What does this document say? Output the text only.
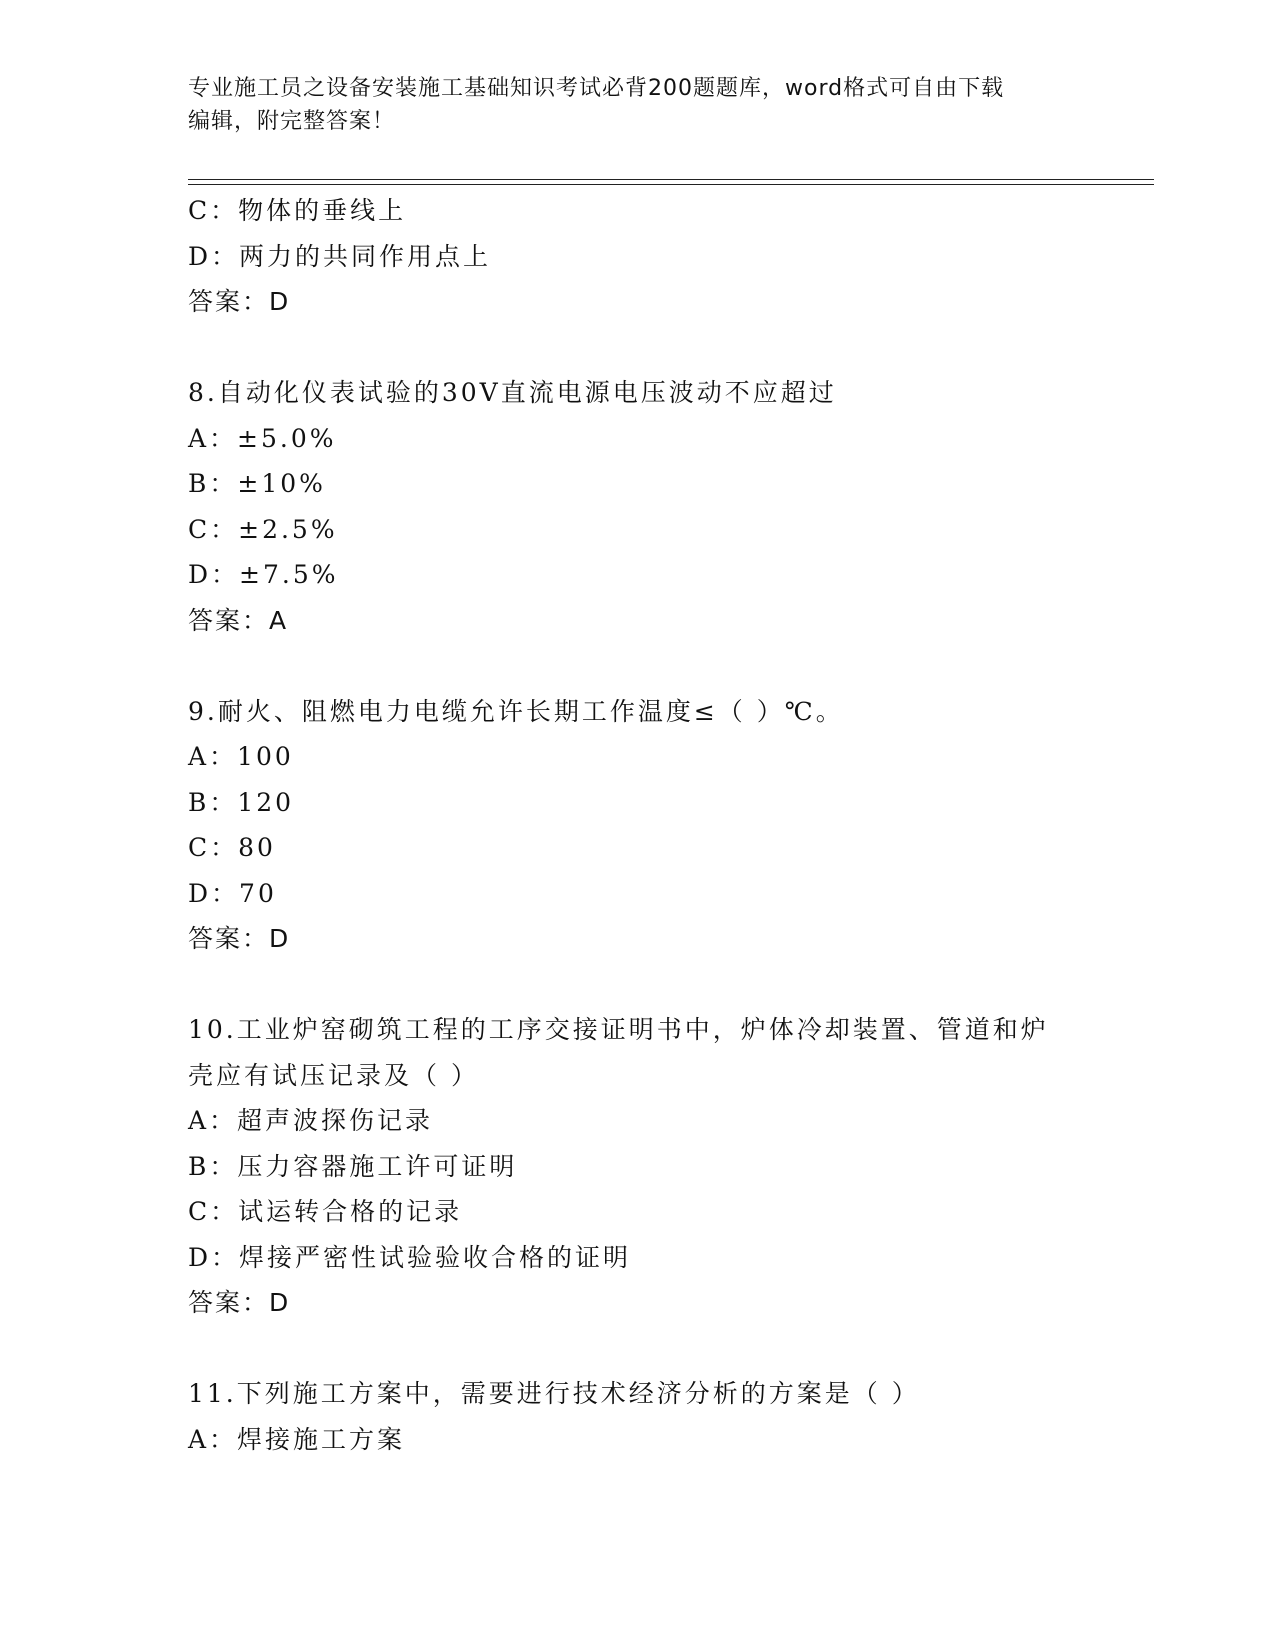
专业施工员之设备安装施工基础知识考试必背200题题库，word格式可自由下载
编辑，附完整答案！
C：物体的垂线上
D：两力的共同作用点上
答案：D
8.自动化仪表试验的30V直流电源电压波动不应超过
A：±5.0%
B：±10%
C：±2.5%
D：±7.5%
答案：A
9.耐火、阻燃电力电缆允许长期工作温度≤（ ）℃。
A：100
B：120
C：80
D：70
答案：D
10.工业炉窑砌筑工程的工序交接证明书中，炉体冷却装置、管道和炉
壳应有试压记录及（ ）
A：超声波探伤记录
B：压力容器施工许可证明
C：试运转合格的记录
D：焊接严密性试验验收合格的证明
答案：D
11.下列施工方案中，需要进行技术经济分析的方案是（ ）
A：焊接施工方案
